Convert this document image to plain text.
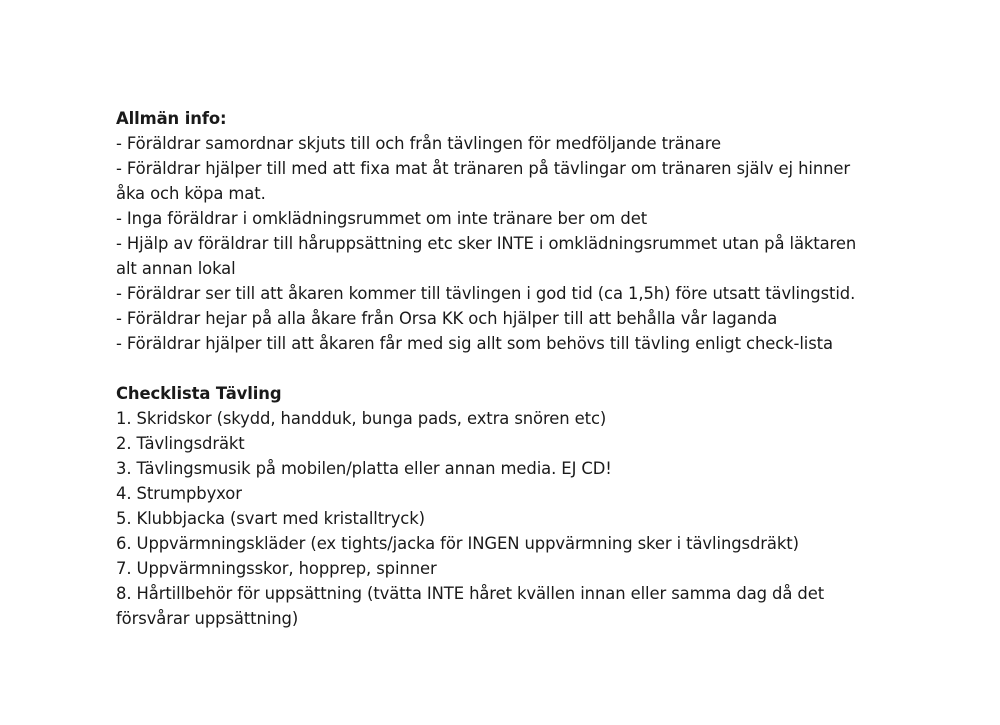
Allmän info:

- Föräldrar samordnar skjuts till och från tävlingen för medföljande tränare

- Föräldrar hjälper till med att fixa mat åt tränaren på tävlingar om tränaren själv ej hinner åka och köpa mat.

- Inga föräldrar i omklädningsrummet om inte tränare ber om det

- Hjälp av föräldrar till håruppsättning etc sker INTE i omklädningsrummet utan på läktaren alt annan lokal

- Föräldrar ser till att åkaren kommer till tävlingen i god tid (ca 1,5h) före utsatt tävlingstid.

- Föräldrar hejar på alla åkare från Orsa KK och hjälper till att behålla vår laganda

- Föräldrar hjälper till att åkaren får med sig allt som behövs till tävling enligt check-lista

Checklista Tävling

1. Skridskor (skydd, handduk, bunga pads, extra snören etc)

2. Tävlingsdräkt

3. Tävlingsmusik på mobilen/platta eller annan media. EJ CD!

4. Strumpbyxor

5. Klubbjacka (svart med kristalltryck)

6. Uppvärmningskläder (ex tights/jacka för INGEN uppvärmning sker i tävlingsdräkt)

7. Uppvärmningsskor, hopprep, spinner

8. Hårtillbehör för uppsättning (tvätta INTE håret kvällen innan eller samma dag då det försvårar uppsättning)
